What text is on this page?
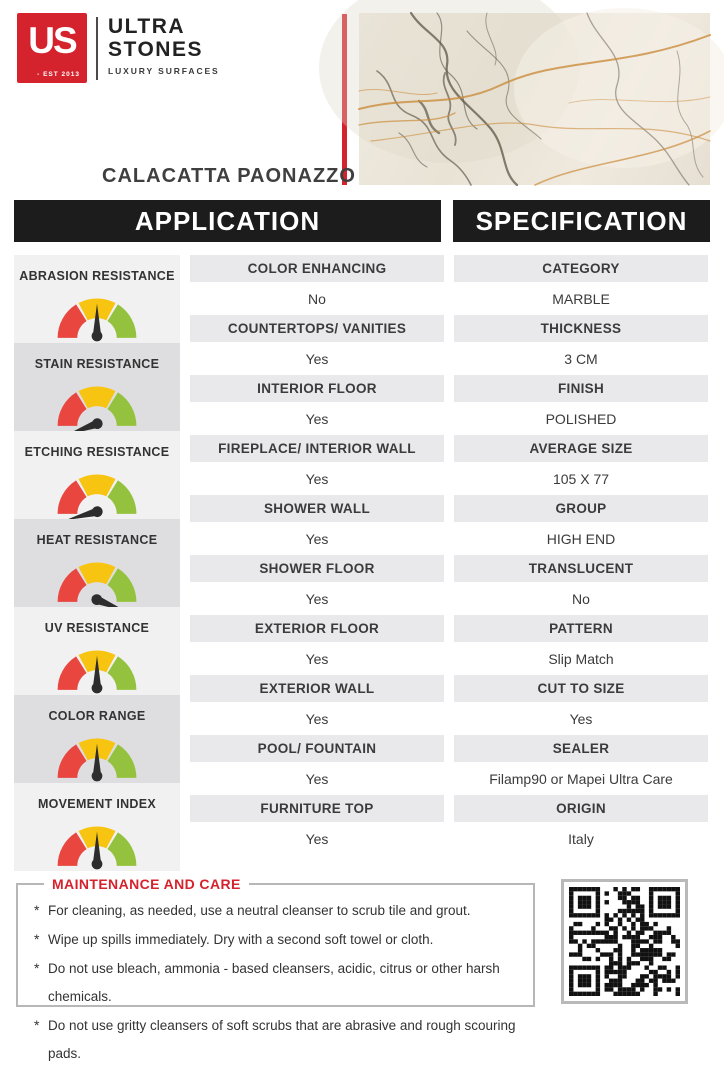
US
- EST 2013
ULTRA
STONES
LUXURY SURFACES
CALACATTA PAONAZZO
APPLICATION	SPECIFICATION
ABRASION RESISTANCE
STAIN RESISTANCE
ETCHING RESISTANCE
HEAT RESISTANCE
UV RESISTANCE
COLOR RANGE
MOVEMENT INDEX
COLOR ENHANCING
No
COUNTERTOPS/ VANITIES
Yes
INTERIOR FLOOR
Yes
FIREPLACE/ INTERIOR WALL
Yes
SHOWER WALL
Yes
SHOWER FLOOR
Yes
EXTERIOR FLOOR
Yes
EXTERIOR WALL
Yes
POOL/ FOUNTAIN
Yes
FURNITURE TOP
Yes
CATEGORY
MARBLE
THICKNESS
3 CM
FINISH
POLISHED
AVERAGE SIZE
105 X 77
GROUP
HIGH END
TRANSLUCENT
No
PATTERN
Slip Match
CUT TO SIZE
Yes
SEALER
Filamp90 or Mapei Ultra Care
ORIGIN
Italy
MAINTENANCE AND CARE
* For cleaning, as needed, use a neutral cleanser to scrub tile and grout.
* Wipe up spills immediately. Dry with a second soft towel or cloth.
* Do not use bleach, ammonia - based cleansers, acidic, citrus or other harsh chemicals.
* Do not use gritty cleansers of soft scrubs that are abrasive and rough scouring pads.
